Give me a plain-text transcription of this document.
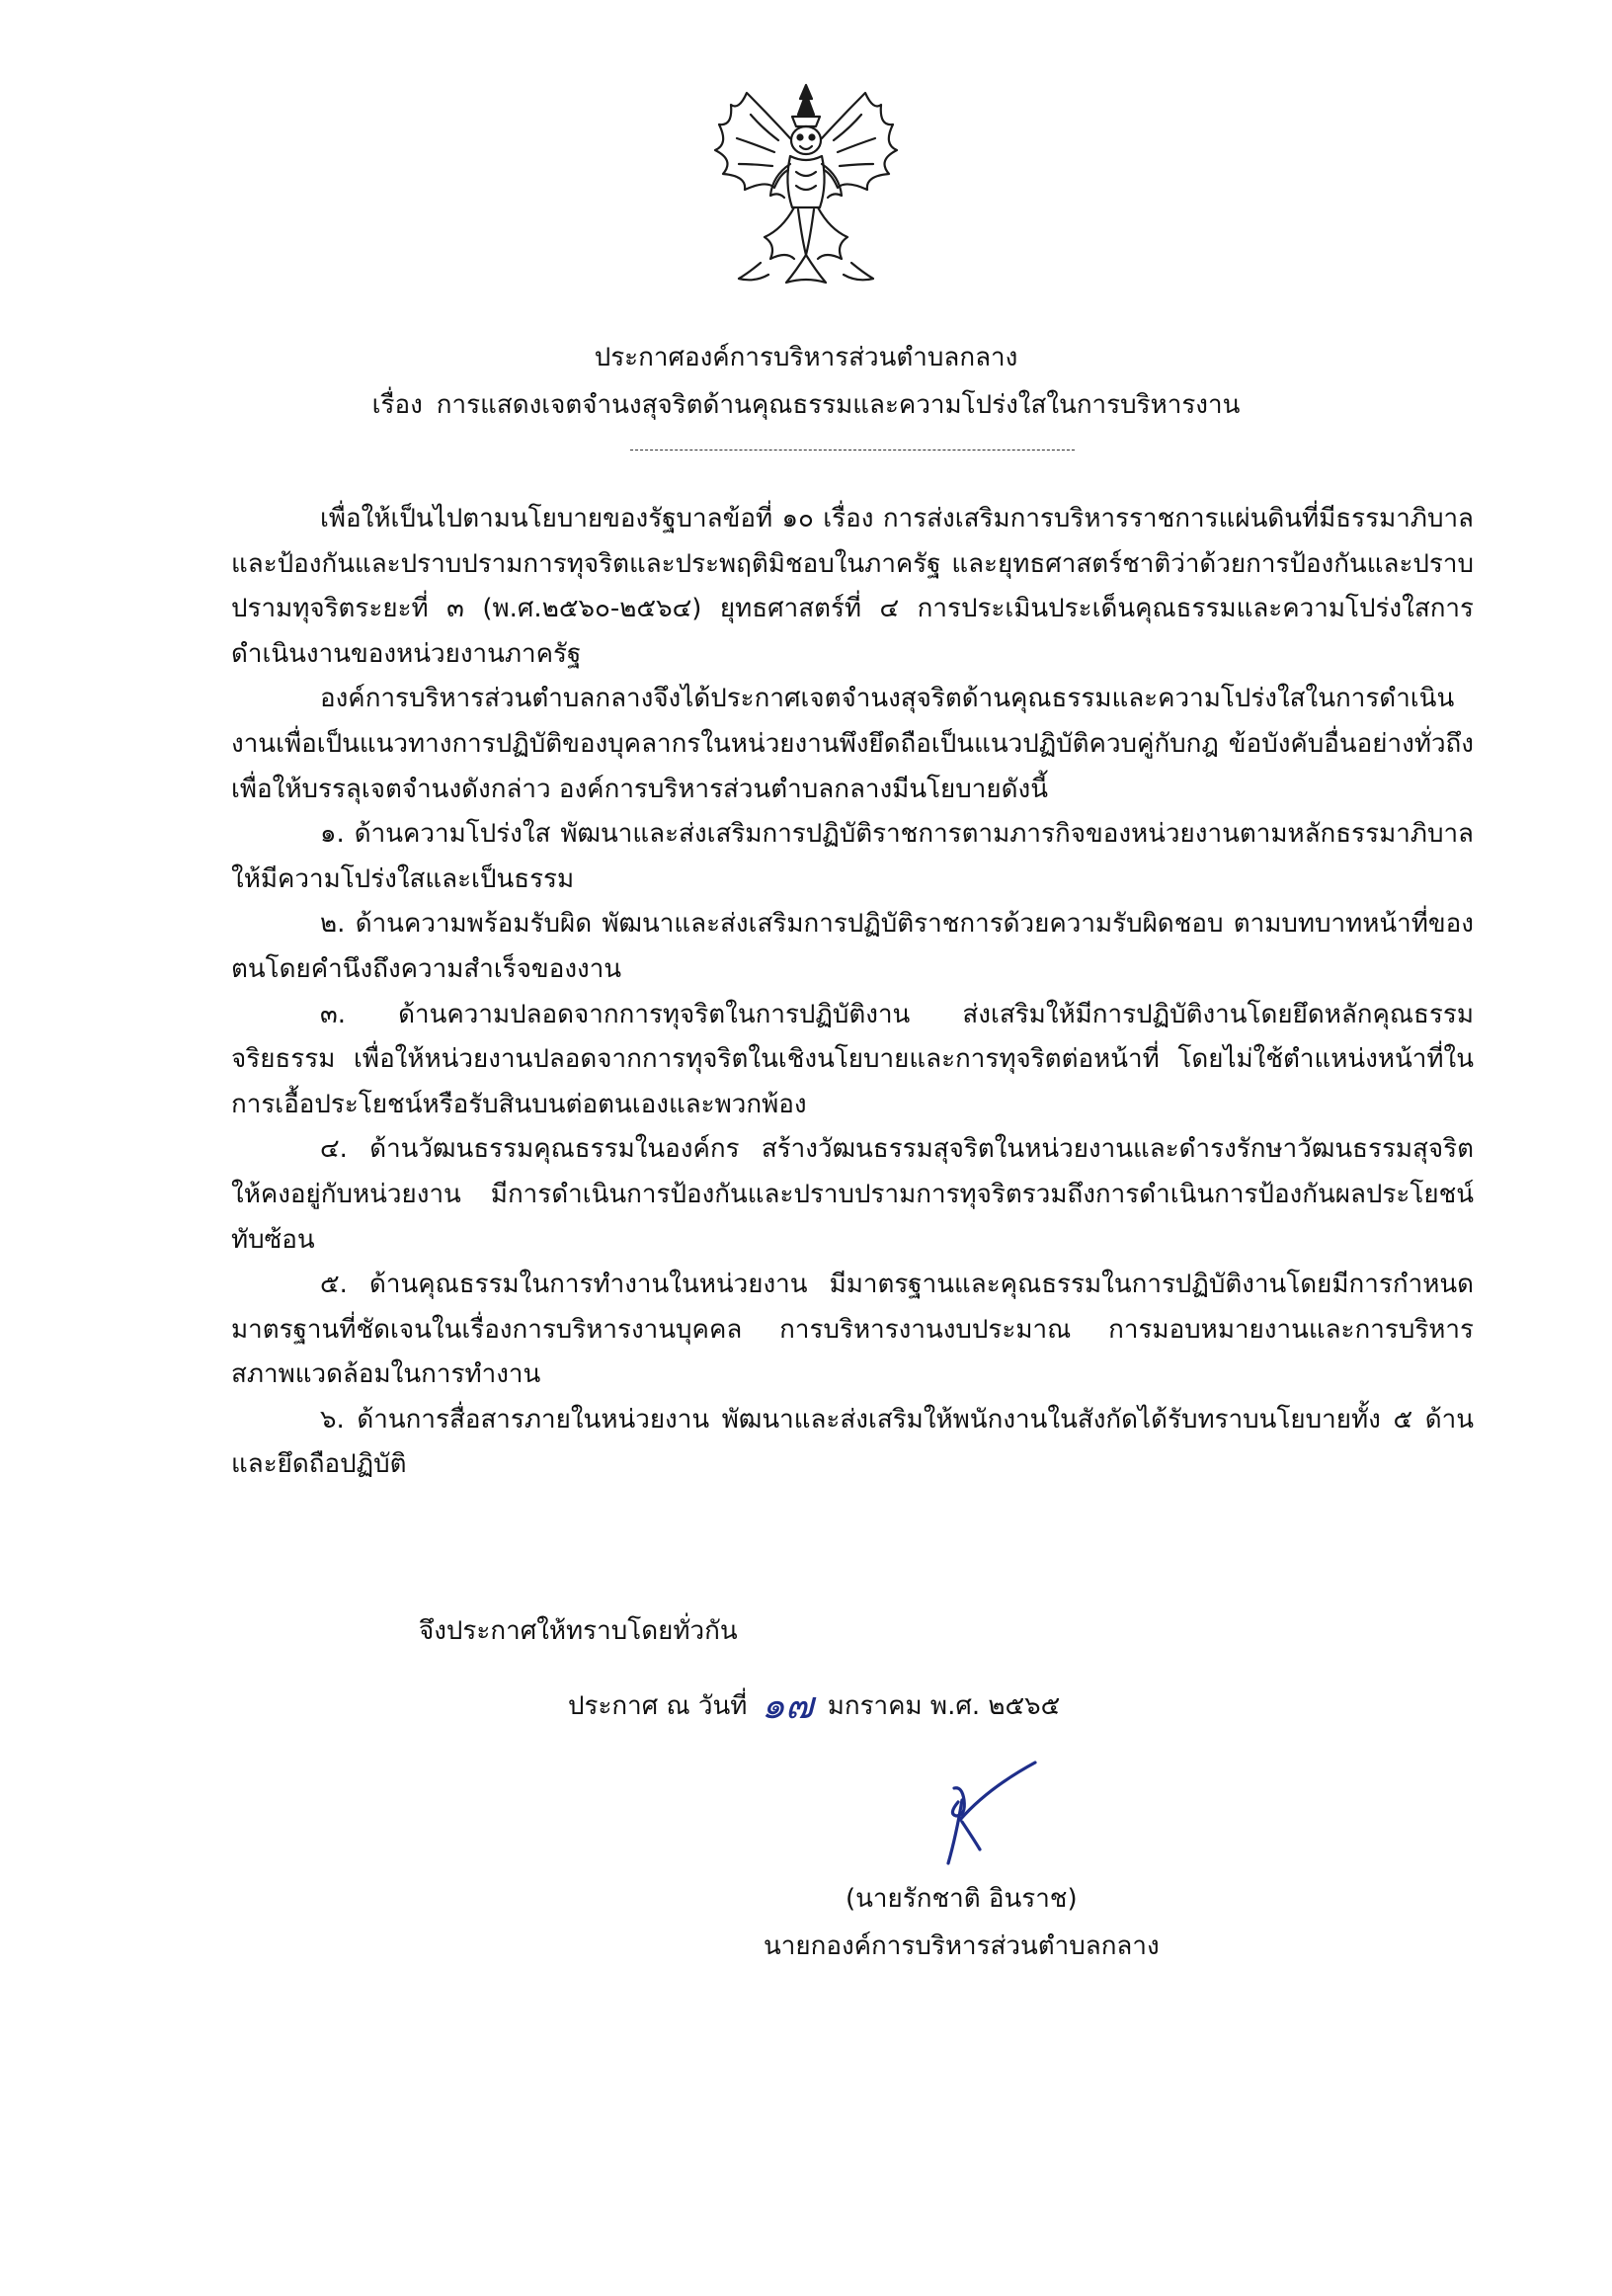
ประกาศองค์การบริหารส่วนตำบลกลาง
เรื่อง การแสดงเจตจำนงสุจริตด้านคุณธรรมและความโปร่งใสในการบริหารงาน

เพื่อให้เป็นไปตามนโยบายของรัฐบาลข้อที่ ๑๐ เรื่อง การส่งเสริมการบริหารราชการแผ่นดินที่มีธรรมาภิบาลและป้องกันและปราบปรามการทุจริตและประพฤติมิชอบในภาครัฐ และยุทธศาสตร์ชาติว่าด้วยการป้องกันและปราบปรามทุจริตระยะที่ ๓ (พ.ศ.๒๕๖๐-๒๕๖๔) ยุทธศาสตร์ที่ ๔ การประเมินประเด็นคุณธรรมและความโปร่งใสการดำเนินงานของหน่วยงานภาครัฐ

องค์การบริหารส่วนตำบลกลางจึงได้ประกาศเจตจำนงสุจริตด้านคุณธรรมและความโปร่งใสในการดำเนินงานเพื่อเป็นแนวทางการปฏิบัติของบุคลากรในหน่วยงานพึงยึดถือเป็นแนวปฏิบัติควบคู่กับกฎ ข้อบังคับอื่นอย่างทั่วถึงเพื่อให้บรรลุเจตจำนงดังกล่าว องค์การบริหารส่วนตำบลกลางมีนโยบายดังนี้

๑. ด้านความโปร่งใส พัฒนาและส่งเสริมการปฏิบัติราชการตามภารกิจของหน่วยงานตามหลักธรรมาภิบาลให้มีความโปร่งใสและเป็นธรรม

๒. ด้านความพร้อมรับผิด พัฒนาและส่งเสริมการปฏิบัติราชการด้วยความรับผิดชอบ ตามบทบาทหน้าที่ของตนโดยคำนึงถึงความสำเร็จของงาน

๓. ด้านความปลอดจากการทุจริตในการปฏิบัติงาน ส่งเสริมให้มีการปฏิบัติงานโดยยึดหลักคุณธรรมจริยธรรม เพื่อให้หน่วยงานปลอดจากการทุจริตในเชิงนโยบายและการทุจริตต่อหน้าที่ โดยไม่ใช้ตำแหน่งหน้าที่ในการเอื้อประโยชน์หรือรับสินบนต่อตนเองและพวกพ้อง

๔. ด้านวัฒนธรรมคุณธรรมในองค์กร สร้างวัฒนธรรมสุจริตในหน่วยงานและดำรงรักษาวัฒนธรรมสุจริตให้คงอยู่กับหน่วยงาน มีการดำเนินการป้องกันและปราบปรามการทุจริตรวมถึงการดำเนินการป้องกันผลประโยชน์ทับซ้อน

๕. ด้านคุณธรรมในการทำงานในหน่วยงาน มีมาตรฐานและคุณธรรมในการปฏิบัติงานโดยมีการกำหนดมาตรฐานที่ชัดเจนในเรื่องการบริหารงานบุคคล การบริหารงานงบประมาณ การมอบหมายงานและการบริหารสภาพแวดล้อมในการทำงาน

๖. ด้านการสื่อสารภายในหน่วยงาน พัฒนาและส่งเสริมให้พนักงานในสังกัดได้รับทราบนโยบายทั้ง ๕ ด้านและยึดถือปฏิบัติ

จึงประกาศให้ทราบโดยทั่วกัน
ประกาศ ณ วันที่ ๑๗ มกราคม พ.ศ. ๒๕๖๕
(นายรักชาติ อินราช)
นายกองค์การบริหารส่วนตำบลกลาง
